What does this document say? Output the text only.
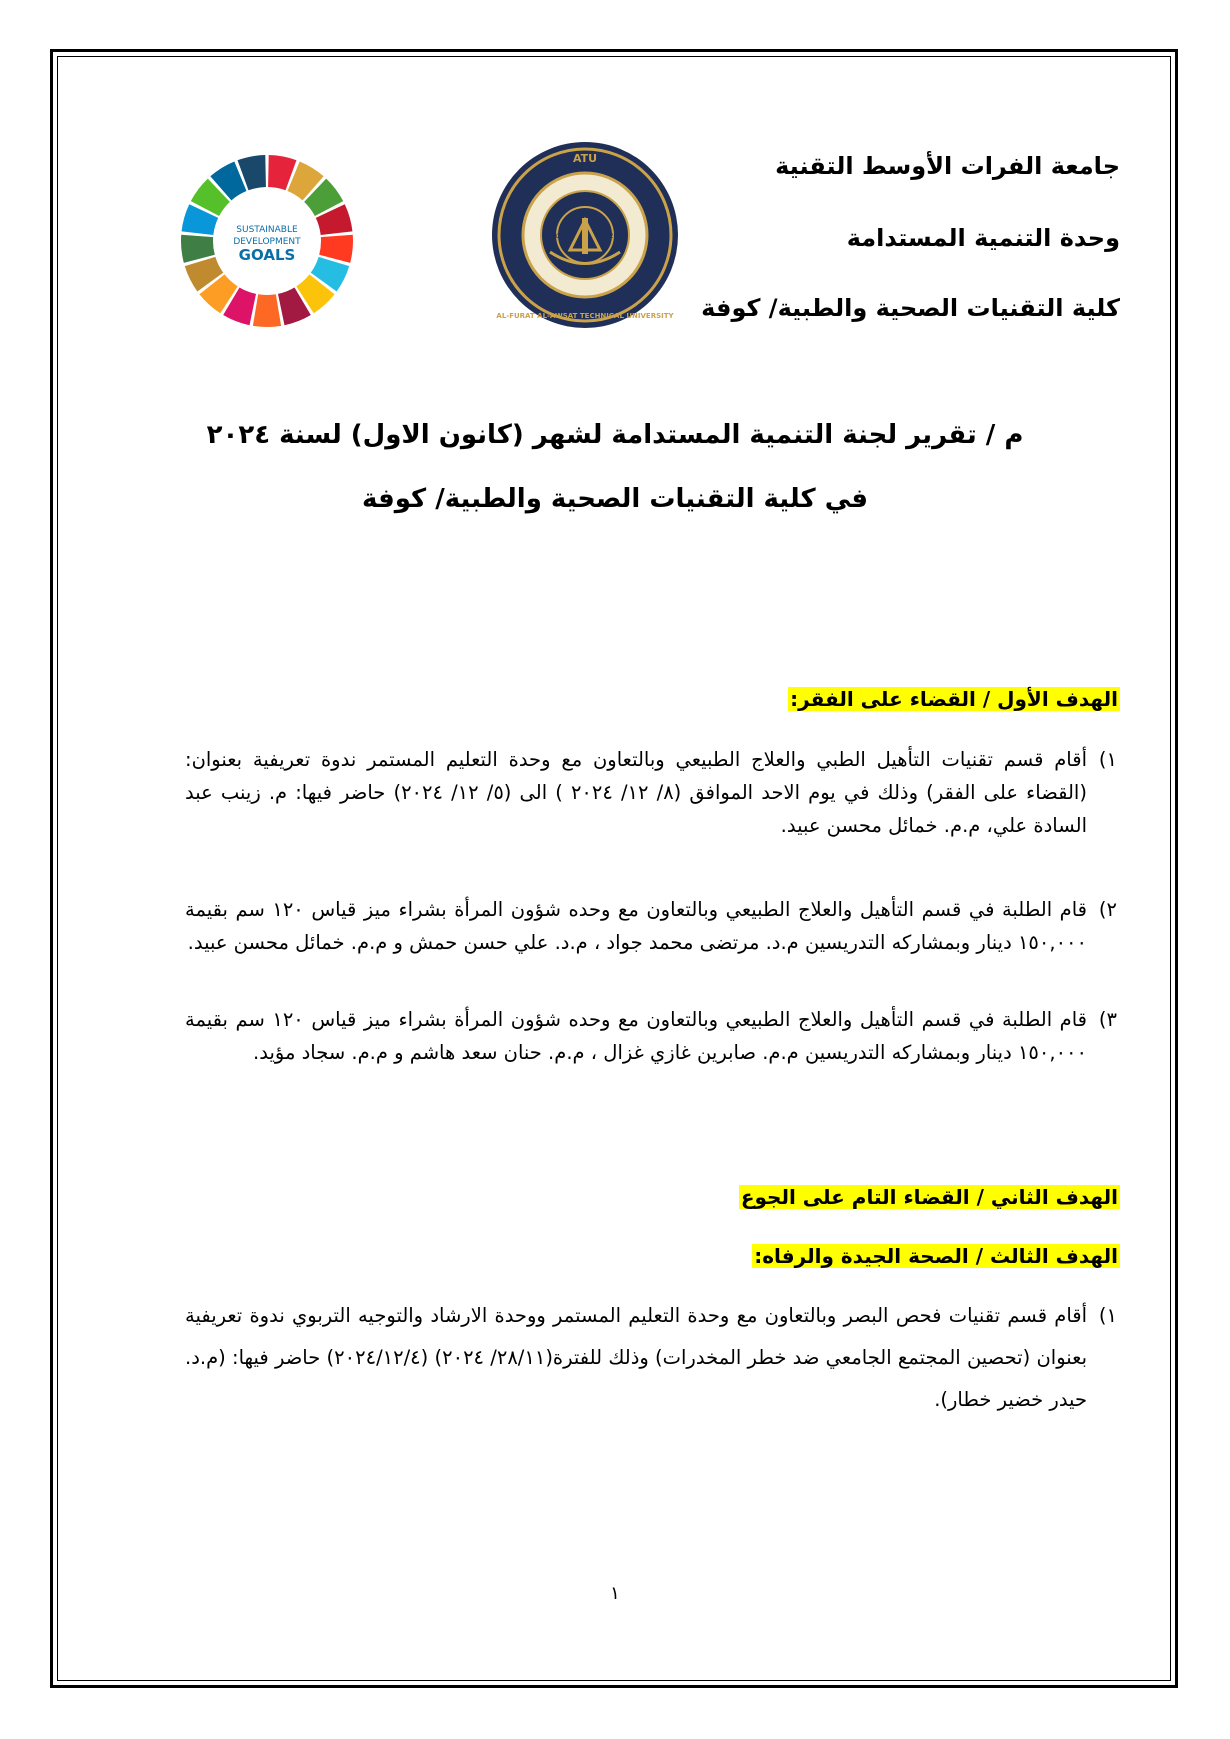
جامعة الفرات الأوسط التقنية
وحدة التنمية المستدامة
كلية التقنيات الصحية والطبية/ كوفة
ATU
AL-FURAT AL-AWSAT TECHNICAL UNIVERSITY
١٤٣٥	2014
SUSTAINABLE
DEVELOPMENT
GOALS
م / تقرير لجنة التنمية المستدامة لشهر (كانون الاول) لسنة ٢٠٢٤
في كلية التقنيات الصحية والطبية/ كوفة
الهدف الأول / القضاء على الفقر:
١)
أقام قسم تقنيات التأهيل الطبي والعلاج الطبيعي وبالتعاون مع وحدة التعليم المستمر ندوة تعريفية بعنوان: (القضاء على الفقر) وذلك في يوم الاحد الموافق (٨/ ١٢/ ٢٠٢٤ ) الى (٥/ ١٢/ ٢٠٢٤) حاضر فيها: م. زينب عبد السادة علي، م.م. خمائل محسن عبيد.
٢)
قام الطلبة في قسم التأهيل والعلاج الطبيعي وبالتعاون مع وحده شؤون المرأة بشراء ميز قياس ١٢٠ سم بقيمة ١٥٠,٠٠٠ دينار وبمشاركه التدريسين م.د. مرتضى محمد جواد ، م.د. علي حسن حمش و م.م. خمائل محسن عبيد.
٣)
قام الطلبة في قسم التأهيل والعلاج الطبيعي وبالتعاون مع وحده شؤون المرأة بشراء ميز قياس ١٢٠ سم بقيمة ١٥٠,٠٠٠ دينار وبمشاركه التدريسين م.م. صابرين غازي غزال ، م.م. حنان سعد هاشم و م.م. سجاد مؤيد.
الهدف الثاني / القضاء التام على الجوع
الهدف الثالث / الصحة الجيدة والرفاه:
١)
أقام قسم تقنيات فحص البصر وبالتعاون مع وحدة التعليم المستمر ووحدة الارشاد والتوجيه التربوي ندوة تعريفية بعنوان (تحصين المجتمع الجامعي ضد خطر المخدرات) وذلك للفترة(٢٨/١١/ ٢٠٢٤) (٢٠٢٤/١٢/٤) حاضر فيها: (م.د. حيدر خضير خطار).
١
